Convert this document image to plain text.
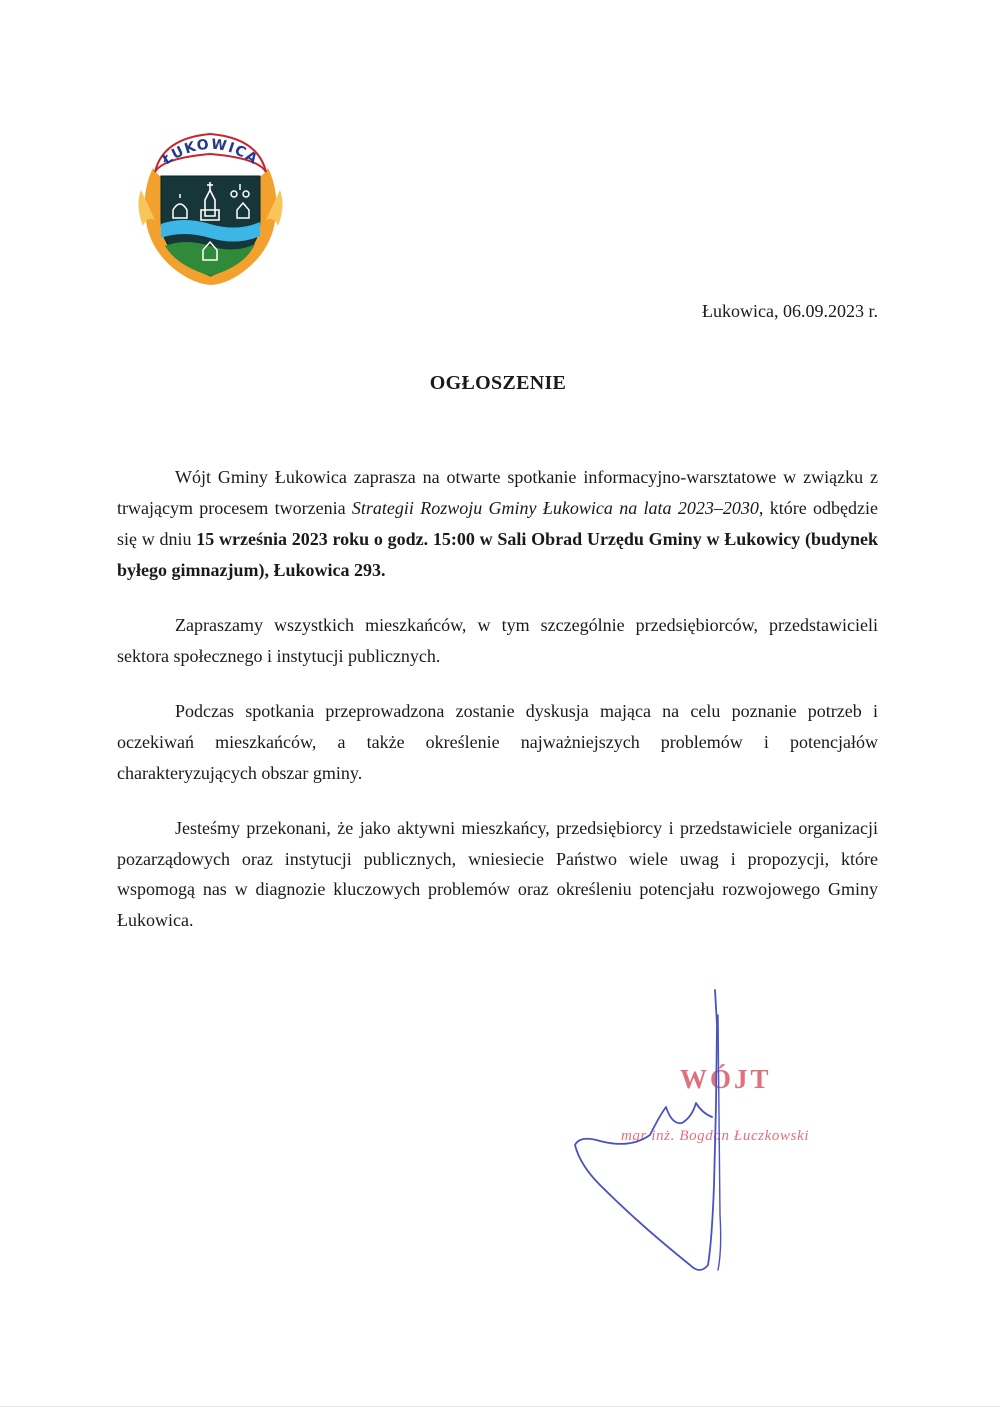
ŁUKOWICA
Łukowica, 06.09.2023 r.
OGŁOSZENIE

Wójt Gminy Łukowica zaprasza na otwarte spotkanie informacyjno-warsztatowe w związku z trwającym procesem tworzenia Strategii Rozwoju Gminy Łukowica na lata 2023–2030, które odbędzie się w dniu 15 września 2023 roku o godz. 15:00 w Sali Obrad Urzędu Gminy w Łukowicy (budynek byłego gimnazjum), Łukowica 293.

Zapraszamy wszystkich mieszkańców, w tym szczególnie przedsiębiorców, przedstawicieli sektora społecznego i instytucji publicznych.

Podczas spotkania przeprowadzona zostanie dyskusja mająca na celu poznanie potrzeb i oczekiwań mieszkańców, a także określenie najważniejszych problemów i potencjałów charakteryzujących obszar gminy.

Jesteśmy przekonani, że jako aktywni mieszkańcy, przedsiębiorcy i przedstawiciele organizacji pozarządowych oraz instytucji publicznych, wniesiecie Państwo wiele uwag i propozycji, które wspomogą nas w diagnozie kluczowych problemów oraz określeniu potencjału rozwojowego Gminy Łukowica.

WÓJT
mgr inż. Bogdan Łuczkowski
